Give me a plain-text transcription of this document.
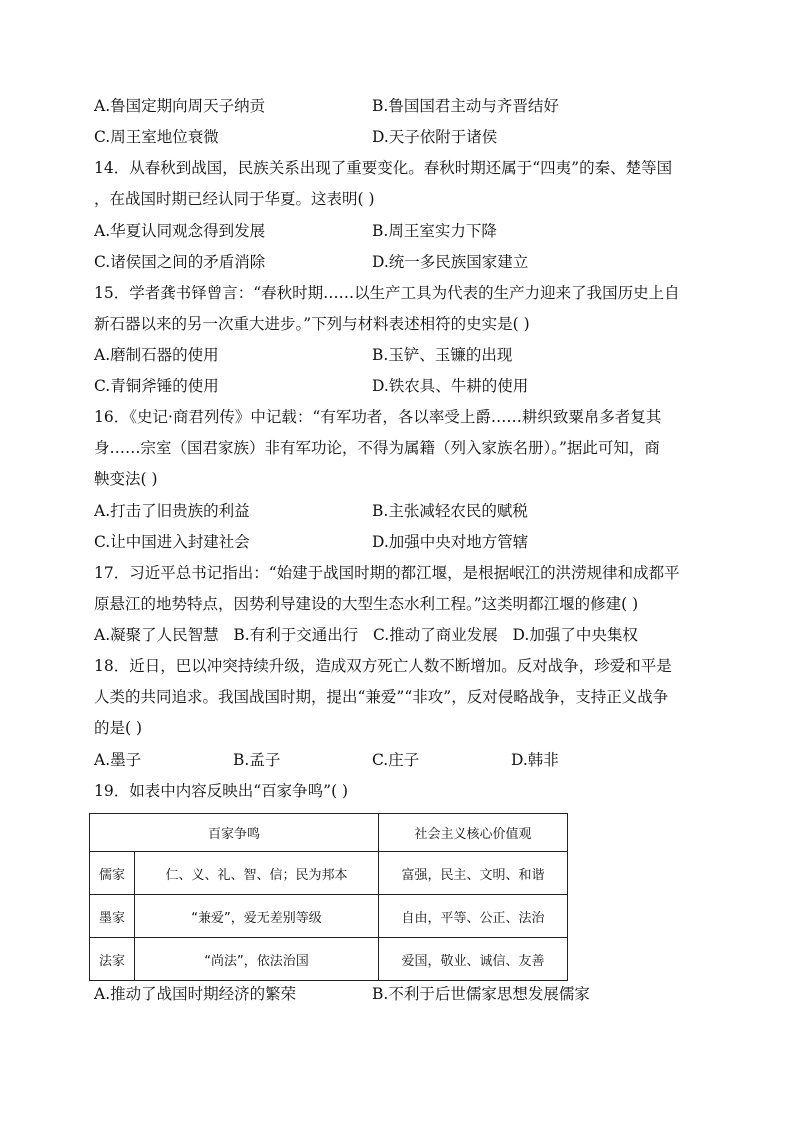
A.鲁国定期向周天子纳贡	B.鲁国国君主动与齐晋结好
C.周王室地位衰微	D.天子依附于诸侯
14．从春秋到战国，民族关系出现了重要变化。春秋时期还属于“四夷”的秦、楚等国
，在战国时期已经认同于华夏。这表明( )
A.华夏认同观念得到发展	B.周王室实力下降
C.诸侯国之间的矛盾消除	D.统一多民族国家建立
15．学者龚书铎曾言：“春秋时期……以生产工具为代表的生产力迎来了我国历史上自
新石器以来的另一次重大进步。”下列与材料表述相符的史实是( )
A.磨制石器的使用	B.玉铲、玉镰的出现
C.青铜斧锤的使用	D.铁农具、牛耕的使用
16．《史记·商君列传》中记载：“有军功者，各以率受上爵……耕织致粟帛多者复其
身……宗室（国君家族）非有军功论，不得为属籍（列入家族名册）。”据此可知，商
鞅变法( )
A.打击了旧贵族的利益	B.主张减轻农民的赋税
C.让中国进入封建社会	D.加强中央对地方管辖
17．习近平总书记指出：“始建于战国时期的都江堰，是根据岷江的洪涝规律和成都平
原悬江的地势特点，因势利导建设的大型生态水利工程。”这类明都江堰的修建( )
A.凝聚了人民智慧   B.有利于交通出行   C.推动了商业发展   D.加强了中央集权
18．近日，巴以冲突持续升级，造成双方死亡人数不断增加。反对战争，珍爱和平是
人类的共同追求。我国战国时期，提出“兼爱”“非攻”，反对侵略战争，支持正义战争
的是( )
A.墨子	B.孟子	C.庄子	D.韩非
19．如表中内容反映出“百家争鸣”( )
百家争鸣		社会主义核心价值观
儒家	仁、义、礼、智、信；民为邦本	富强，民主、文明、和谐
墨家	“兼爱”，爱无差别等级	自由，平等、公正、法治
法家	“尚法”，依法治国	爱国，敬业、诚信、友善
A.推动了战国时期经济的繁荣	B.不利于后世儒家思想发展儒家
